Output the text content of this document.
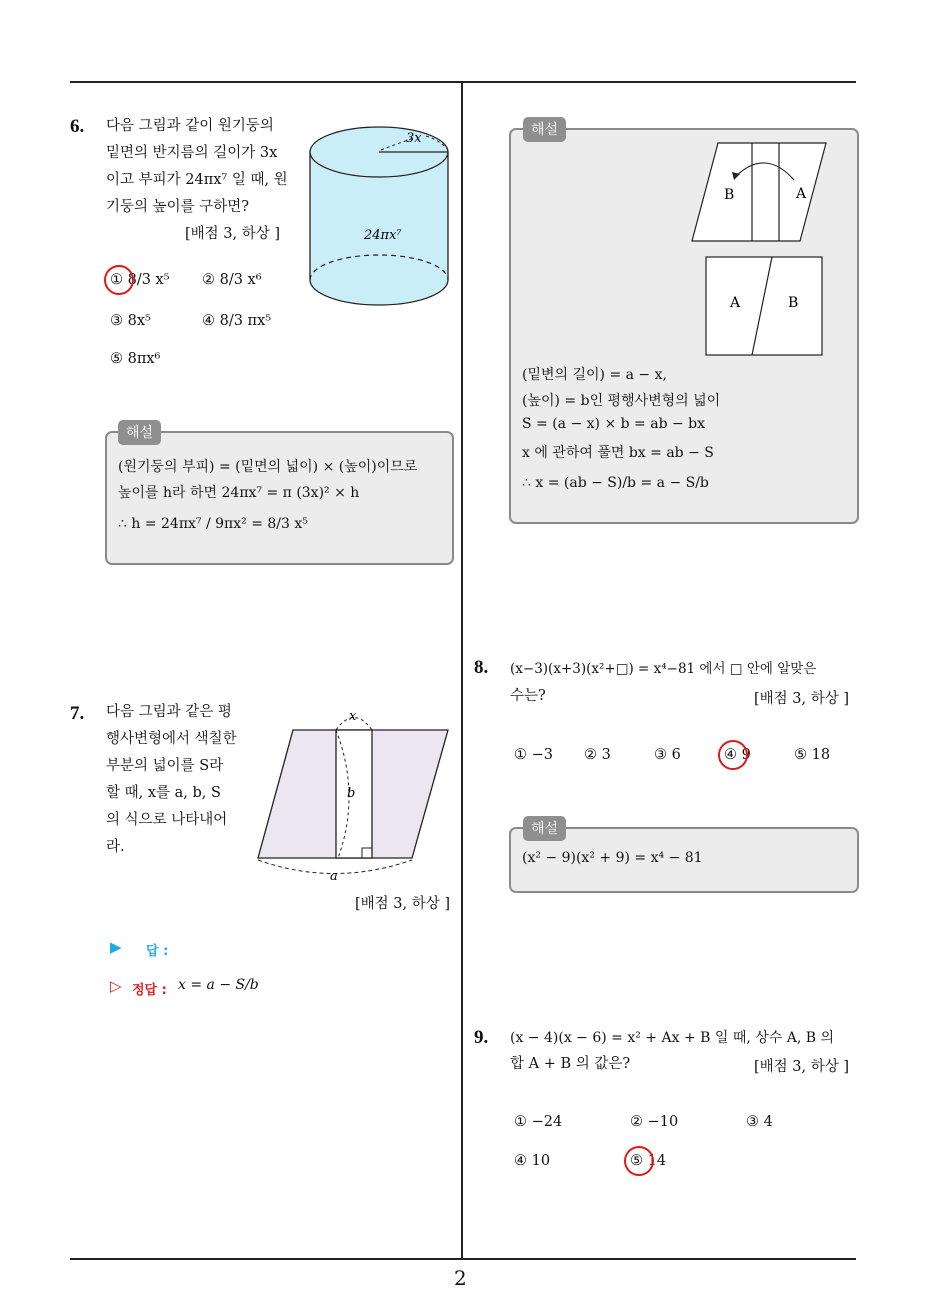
2
6. 다음 그림과 같이 원기둥의
밑면의 반지름의 길이가 3x
이고 부피가 24πx⁷ 일 때, 원
기둥의 높이를 구하면?
[배점 3, 하상 ]
3x
24πx⁷
① 8/3 x⁵ ② 8/3 x⁶
③ 8x⁵	④ 8/3 πx⁵
⑤ 8πx⁶
해설
(원기둥의 부피) = (밑면의 넓이) × (높이)이므로
높이를 h라 하면 24πx⁷ = π (3x)² × h
∴ h = 24πx⁷ / 9πx² = 8/3 x⁵
7. 다음 그림과 같은 평
행사변형에서 색칠한
부분의 넓이를 S라
할 때, x를 a, b, S
의 식으로 나타내어
라.
x
b
a
[배점 3, 하상 ]
▶ 답 :
▷ 정답 : x = a − S/b
해설
B	A
A	B
(밑변의 길이) = a − x,
(높이) = b인 평행사변형의 넓이
S = (a − x) × b = ab − bx
x 에 관하여 풀면 bx = ab − S
∴ x = (ab − S)/b = a − S/b
8. (x−3)(x+3)(x²+□) = x⁴−81 에서 □ 안에 알맞은
수는?	[배점 3, 하상 ]
① −3 ② 3	③ 6	④ 9	⑤ 18
해설
(x² − 9)(x² + 9) = x⁴ − 81
9. (x − 4)(x − 6) = x² + Ax + B 일 때, 상수 A, B 의
합 A + B 의 값은?	[배점 3, 하상 ]
① −24	② −10	③ 4
④ 10	⑤ 14
